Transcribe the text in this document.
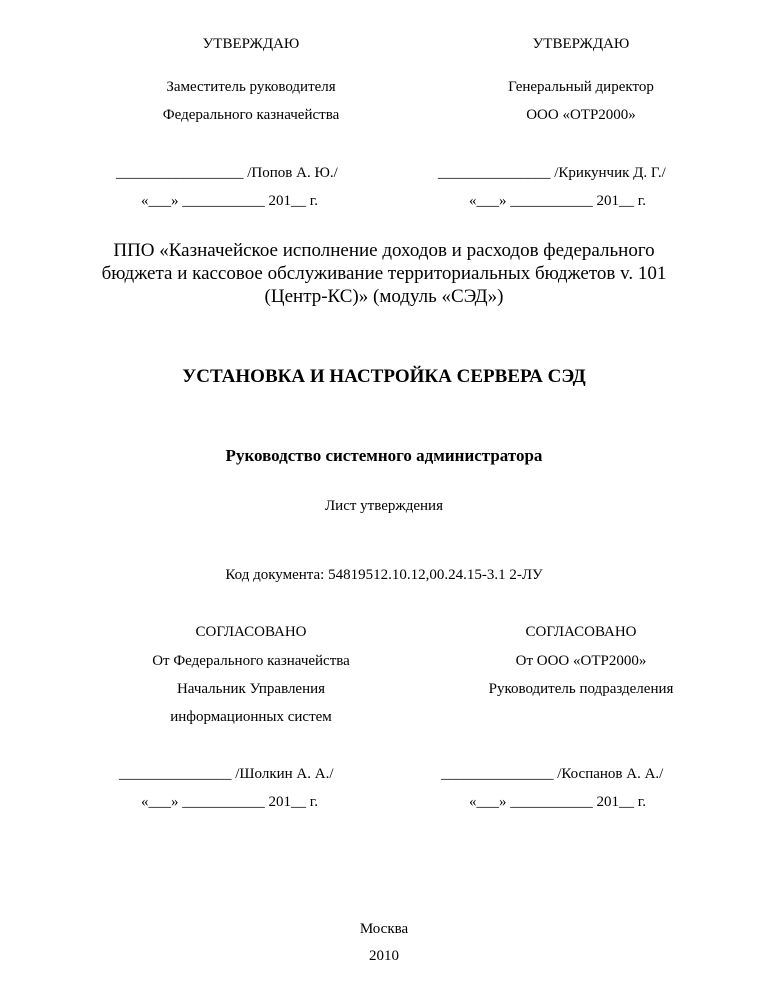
УТВЕРЖДАЮ	УТВЕРЖДАЮ
Заместитель руководителя	Генеральный директор
Федерального казначейства	ООО «ОТР2000»
_________________ /Попов А. Ю./	_______________ /Крикунчик Д. Г./
«___» ___________ 201__ г.	«___» ___________ 201__ г.
ППО «Казначейское исполнение доходов и расходов федерального
бюджета и кассовое обслуживание территориальных бюджетов v. 101
(Центр-КС)» (модуль «СЭД»)
УСТАНОВКА И НАСТРОЙКА СЕРВЕРА СЭД
Руководство системного администратора
Лист утверждения
Код документа: 54819512.10.12,00.24.15-3.1 2-ЛУ
СОГЛАСОВАНО	СОГЛАСОВАНО
От Федерального казначейства	От ООО «ОТР2000»
Начальник Управления	Руководитель подразделения
информационных систем
_______________ /Шолкин А. А./	_______________ /Коспанов А. А./
«___» ___________ 201__ г.	«___» ___________ 201__ г.
Москва
2010
